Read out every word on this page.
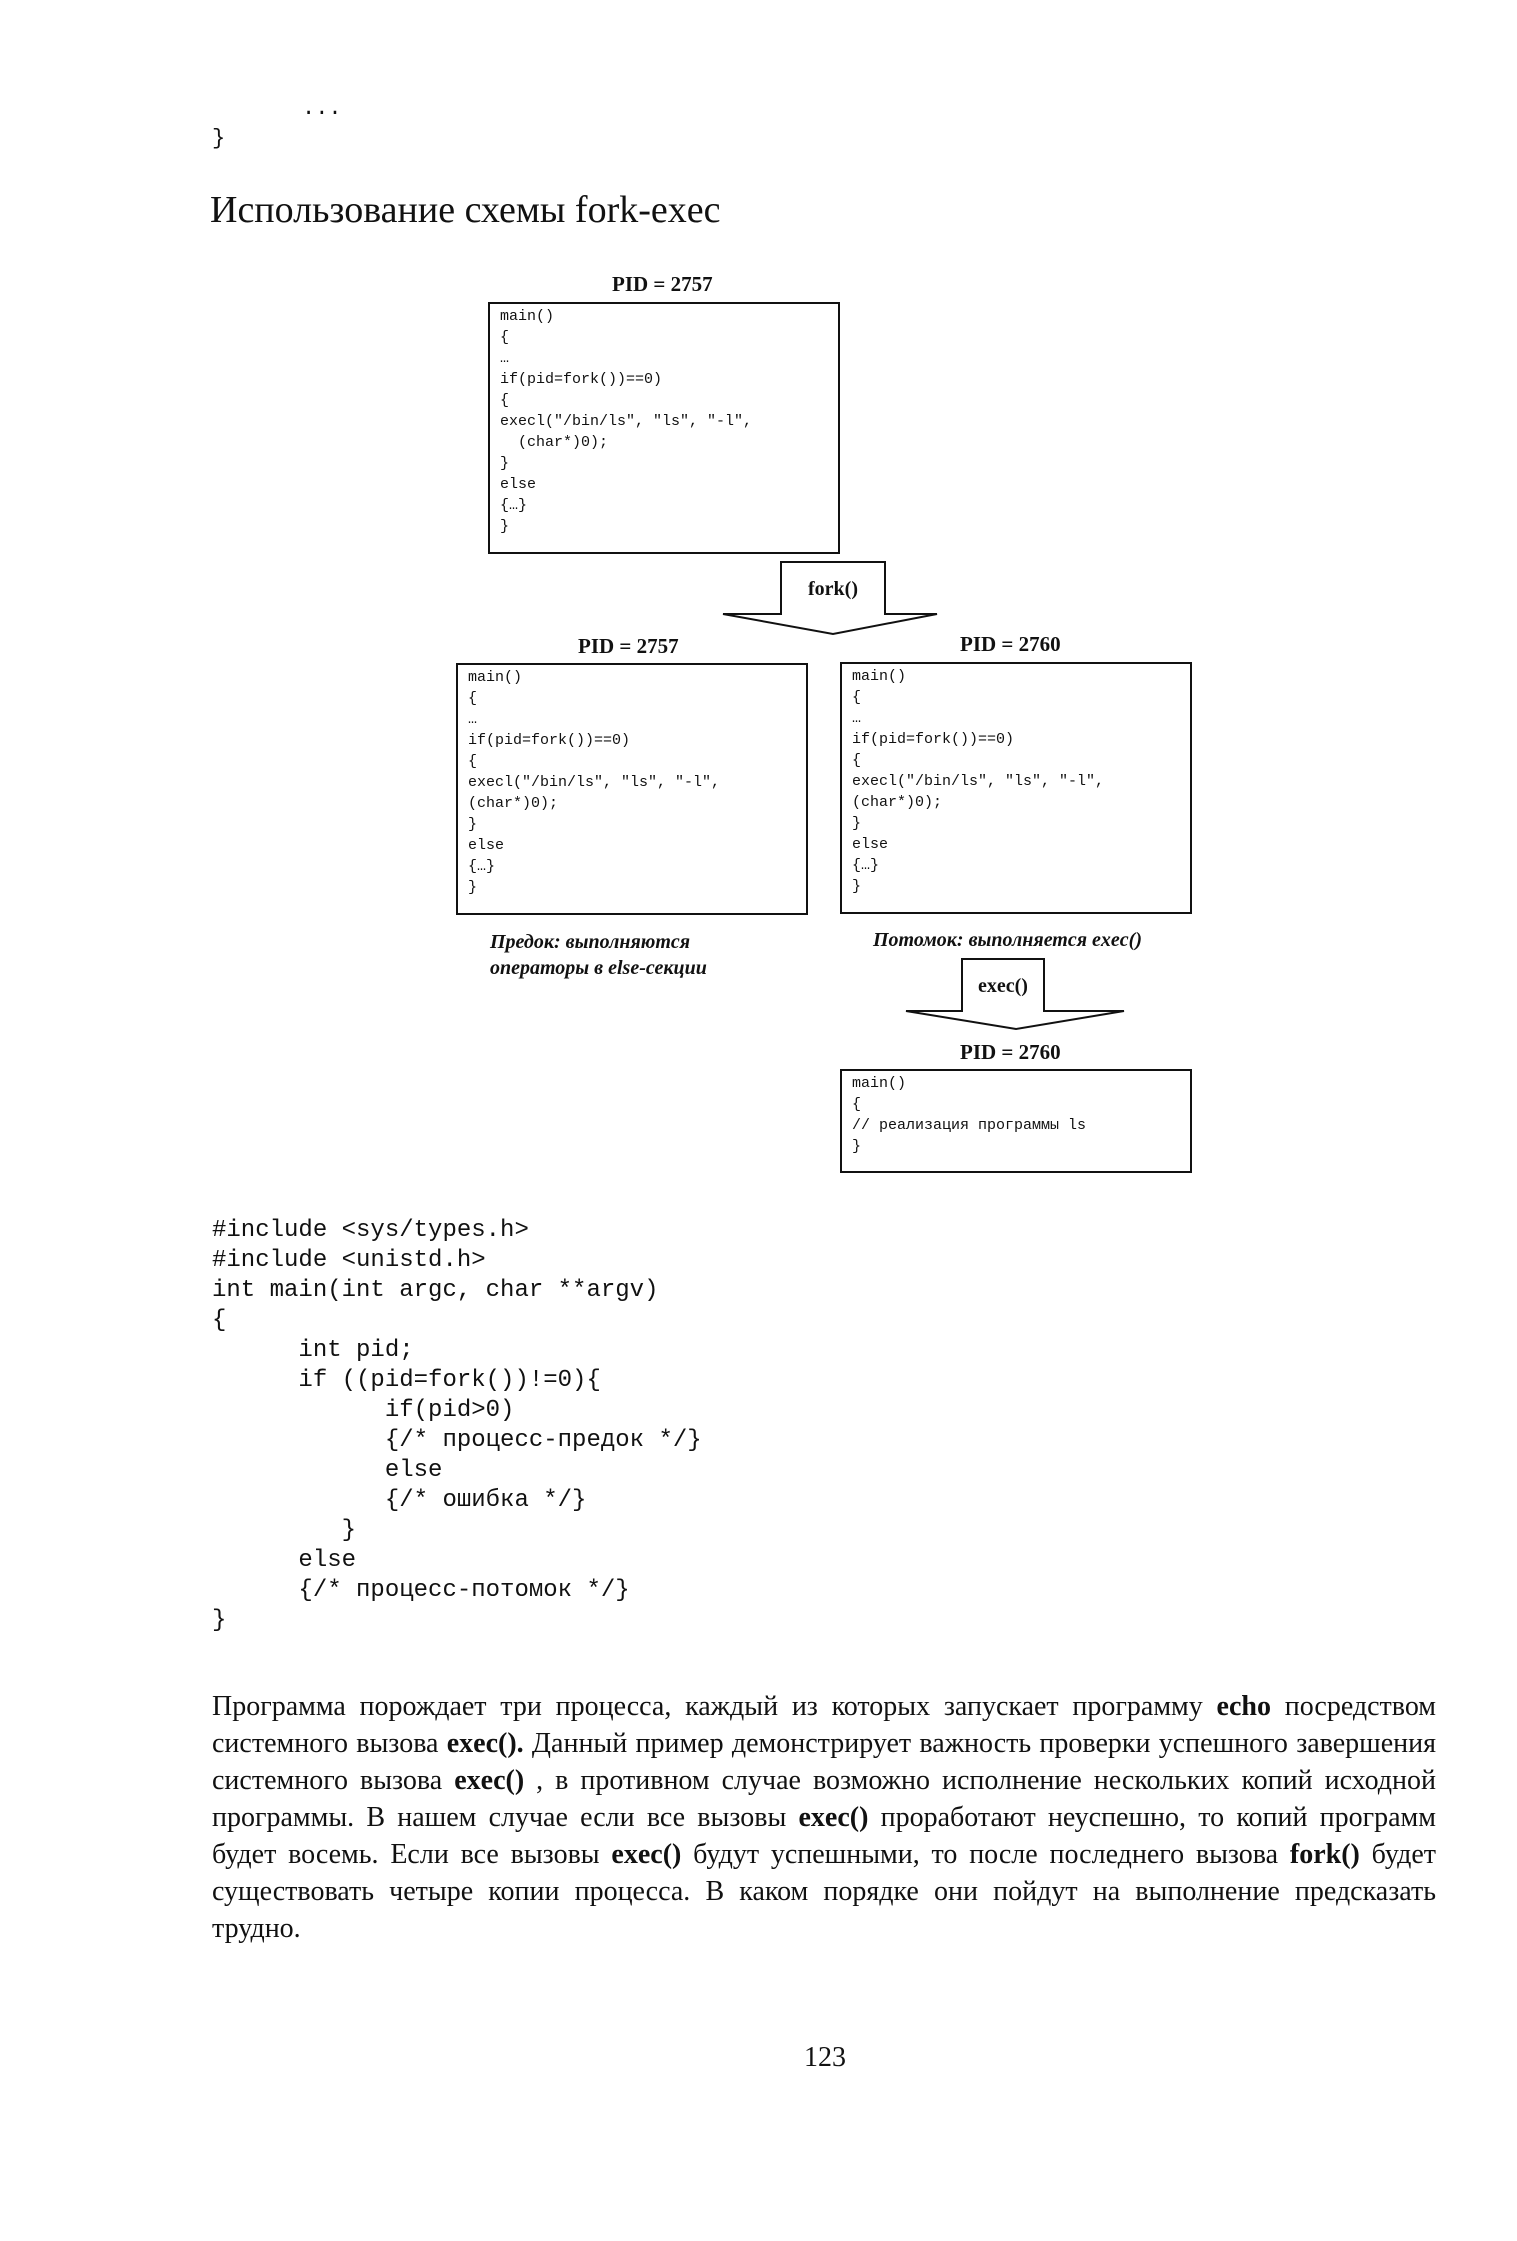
...
}
Использование схемы fork-exec
PID = 2757
main()
{
…
if(pid=fork())==0)
{
execl("/bin/ls", "ls", "-l",
(char*)0);
}
else
{…}
}
fork()
PID = 2757
main()
{
…
if(pid=fork())==0)
{
execl("/bin/ls", "ls", "-l",
(char*)0);
}
else
{…}
}
Предок: выполняются
операторы в else-секции
PID = 2760
main()
{
…
if(pid=fork())==0)
{
execl("/bin/ls", "ls", "-l",
(char*)0);
}
else
{…}
}
Потомок: выполняется exec()
exec()
PID = 2760
main()
{
// реализация программы ls
}
#include <sys/types.h>
#include <unistd.h>
int main(int argc, char **argv)
{
int pid;
if ((pid=fork())!=0){
if(pid>0)
{/* процесс-предок */}
else
{/* ошибка */}
}
else
{/* процесс-потомок */}
}
Программа порождает три процесса, каждый из которых запускает программу echo посредством системного вызова exec(). Данный пример демонстрирует важность проверки успешного завершения системного вызова exec() , в противном случае возможно исполнение нескольких копий исходной программы. В нашем случае если все вызовы exec() проработают неуспешно, то копий программ будет восемь. Если все вызовы exec() будут успешными, то после последнего вызова fork() будет существовать четыре копии процесса. В каком порядке они пойдут на выполнение предсказать трудно.
123
